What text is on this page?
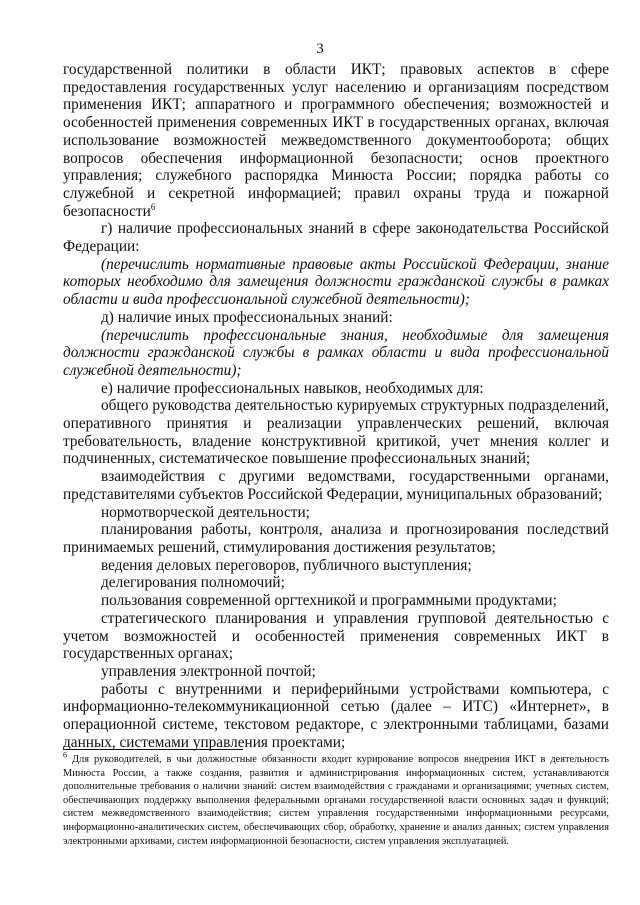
3

государственной политики в области ИКТ; правовых аспектов в сфере предоставления государственных услуг населению и организациям посредством применения ИКТ; аппаратного и программного обеспечения; возможностей и особенностей применения современных ИКТ в государственных органах, включая использование возможностей межведомственного документооборота; общих вопросов обеспечения информационной безопасности; основ проектного управления; служебного распорядка Минюста России; порядка работы со служебной и секретной информацией; правил охраны труда и пожарной безопасности$^6$

г) наличие профессиональных знаний в сфере законодательства Российской Федерации:

(перечислить нормативные правовые акты Российской Федерации, знание которых необходимо для замещения должности гражданской службы в рамках области и вида профессиональной служебной деятельности);

д) наличие иных профессиональных знаний:

(перечислить профессиональные знания, необходимые для замещения должности гражданской службы в рамках области и вида профессиональной служебной деятельности);

е) наличие профессиональных навыков, необходимых для:

общего руководства деятельностью курируемых структурных подразделений, оперативного принятия и реализации управленческих решений, включая требовательность, владение конструктивной критикой, учет мнения коллег и подчиненных, систематическое повышение профессиональных знаний;

взаимодействия с другими ведомствами, государственными органами, представителями субъектов Российской Федерации, муниципальных образований;

нормотворческой деятельности;

планирования работы, контроля, анализа и прогнозирования последствий принимаемых решений, стимулирования достижения результатов;

ведения деловых переговоров, публичного выступления;

делегирования полномочий;

пользования современной оргтехникой и программными продуктами;

стратегического планирования и управления групповой деятельностью с учетом возможностей и особенностей применения современных ИКТ в государственных органах;

управления электронной почтой;

работы с внутренними и периферийными устройствами компьютера, с информационно-телекоммуникационной сетью (далее – ИТС) «Интернет», в операционной системе, текстовом редакторе, с электронными таблицами, базами данных, системами управления проектами;

$^6$ Для руководителей, в чьи должностные обязанности входит курирование вопросов внедрения ИКТ в деятельность Минюста России, а также создания, развития и администрирования информационных систем, устанавливаются дополнительные требования о наличии знаний: систем взаимодействия с гражданами и организациями; учетных систем, обеспечивающих поддержку выполнения федеральными органами государственной власти основных задач и функций; систем межведомственного взаимодействия; систем управления государственными информационными ресурсами, информационно-аналитических систем, обеспечивающих сбор, обработку, хранение и анализ данных; систем управления электронными архивами, систем информационной безопасности, систем управления эксплуатацией.
